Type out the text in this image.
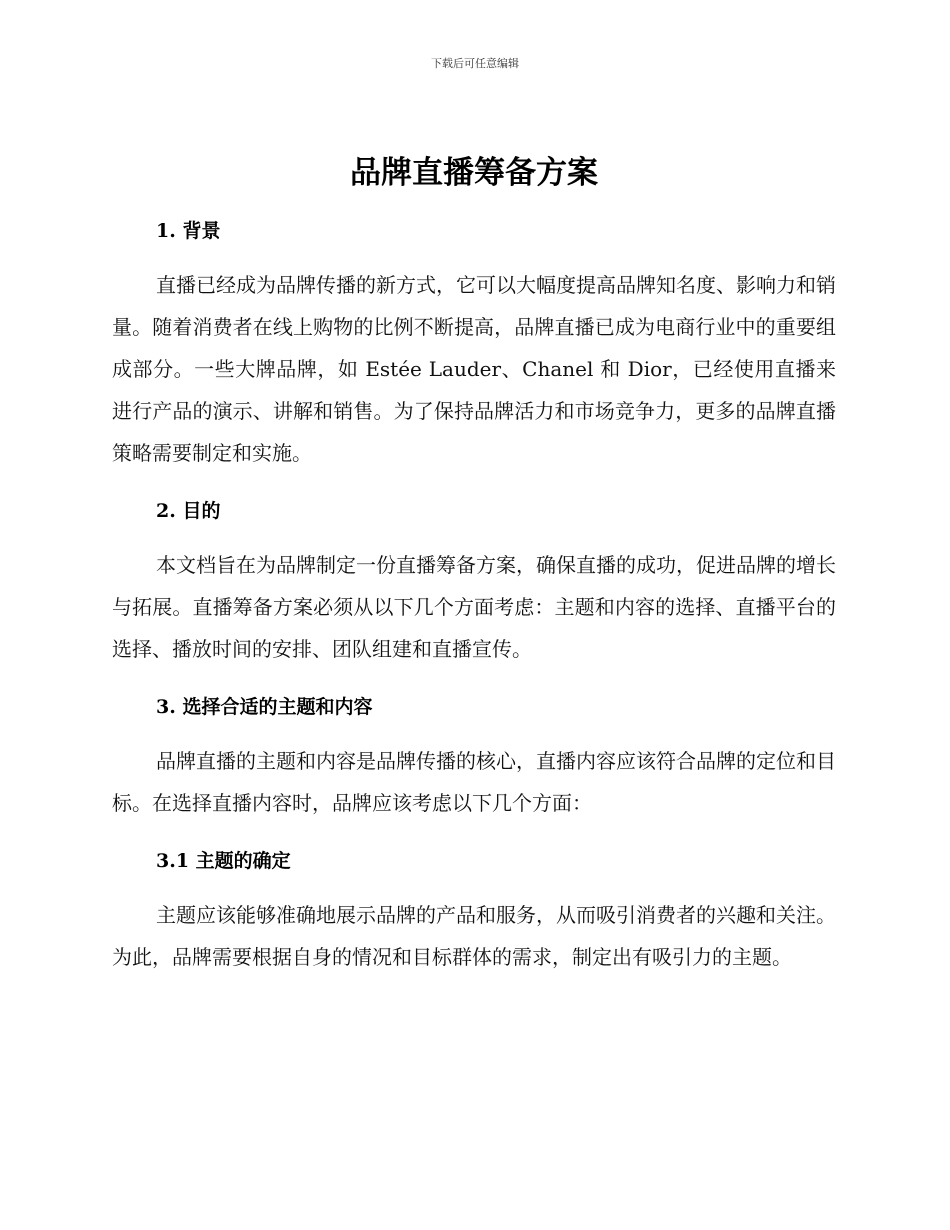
下载后可任意编辑
品牌直播筹备方案
1. 背景

直播已经成为品牌传播的新方式，它可以大幅度提高品牌知名度、影响力和销量。随着消费者在线上购物的比例不断提高，品牌直播已成为电商行业中的重要组成部分。一些大牌品牌，如 Estée Lauder、Chanel 和 Dior，已经使用直播来进行产品的演示、讲解和销售。为了保持品牌活力和市场竞争力，更多的品牌直播策略需要制定和实施。

2. 目的

本文档旨在为品牌制定一份直播筹备方案，确保直播的成功，促进品牌的增长与拓展。直播筹备方案必须从以下几个方面考虑：主题和内容的选择、直播平台的选择、播放时间的安排、团队组建和直播宣传。

3. 选择合适的主题和内容

品牌直播的主题和内容是品牌传播的核心，直播内容应该符合品牌的定位和目标。在选择直播内容时，品牌应该考虑以下几个方面：

3.1 主题的确定

主题应该能够准确地展示品牌的产品和服务，从而吸引消费者的兴趣和关注。为此，品牌需要根据自身的情况和目标群体的需求，制定出有吸引力的主题。
